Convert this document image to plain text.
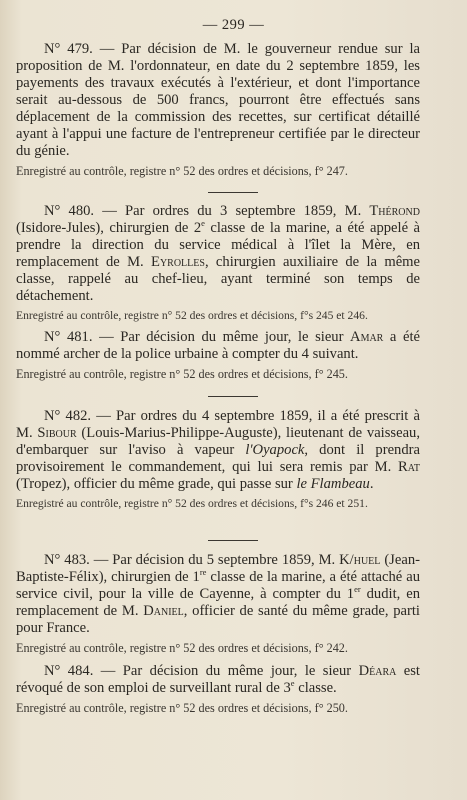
— 299 —

N° 479. — Par décision de M. le gouverneur rendue sur la proposition de M. l'ordonnateur, en date du 2 septembre 1859, les payements des travaux exécutés à l'extérieur, et dont l'importance serait au-dessous de 500 francs, pourront être effectués sans déplacement de la commission des recettes, sur certificat détaillé ayant à l'appui une facture de l'entrepreneur certifiée par le directeur du génie.

Enregistré au contrôle, registre n° 52 des ordres et décisions, f° 247.

N° 480. — Par ordres du 3 septembre 1859, M. Thérond (Isidore-Jules), chirurgien de 2e classe de la marine, a été appelé à prendre la direction du service médical à l'îlet la Mère, en remplacement de M. Eyrolles, chirurgien auxiliaire de la même classe, rappelé au chef-lieu, ayant terminé son temps de détachement.

Enregistré au contrôle, registre n° 52 des ordres et décisions, f°s 245 et 246.

N° 481. — Par décision du même jour, le sieur Amar a été nommé archer de la police urbaine à compter du 4 suivant.

Enregistré au contrôle, registre n° 52 des ordres et décisions, f° 245.

N° 482. — Par ordres du 4 septembre 1859, il a été prescrit à M. Sibour (Louis-Marius-Philippe-Auguste), lieutenant de vaisseau, d'embarquer sur l'aviso à vapeur l'Oyapock, dont il prendra provisoirement le commandement, qui lui sera remis par M. Rat (Tropez), officier du même grade, qui passe sur le Flambeau.

Enregistré au contrôle, registre n° 52 des ordres et décisions, f°s 246 et 251.

N° 483. — Par décision du 5 septembre 1859, M. K/huel (Jean-Baptiste-Félix), chirurgien de 1re classe de la marine, a été attaché au service civil, pour la ville de Cayenne, à compter du 1er dudit, en remplacement de M. Daniel, officier de santé du même grade, parti pour France.

Enregistré au contrôle, registre n° 52 des ordres et décisions, f° 242.

N° 484. — Par décision du même jour, le sieur Déara est révoqué de son emploi de surveillant rural de 3e classe.

Enregistré au contrôle, registre n° 52 des ordres et décisions, f° 250.
